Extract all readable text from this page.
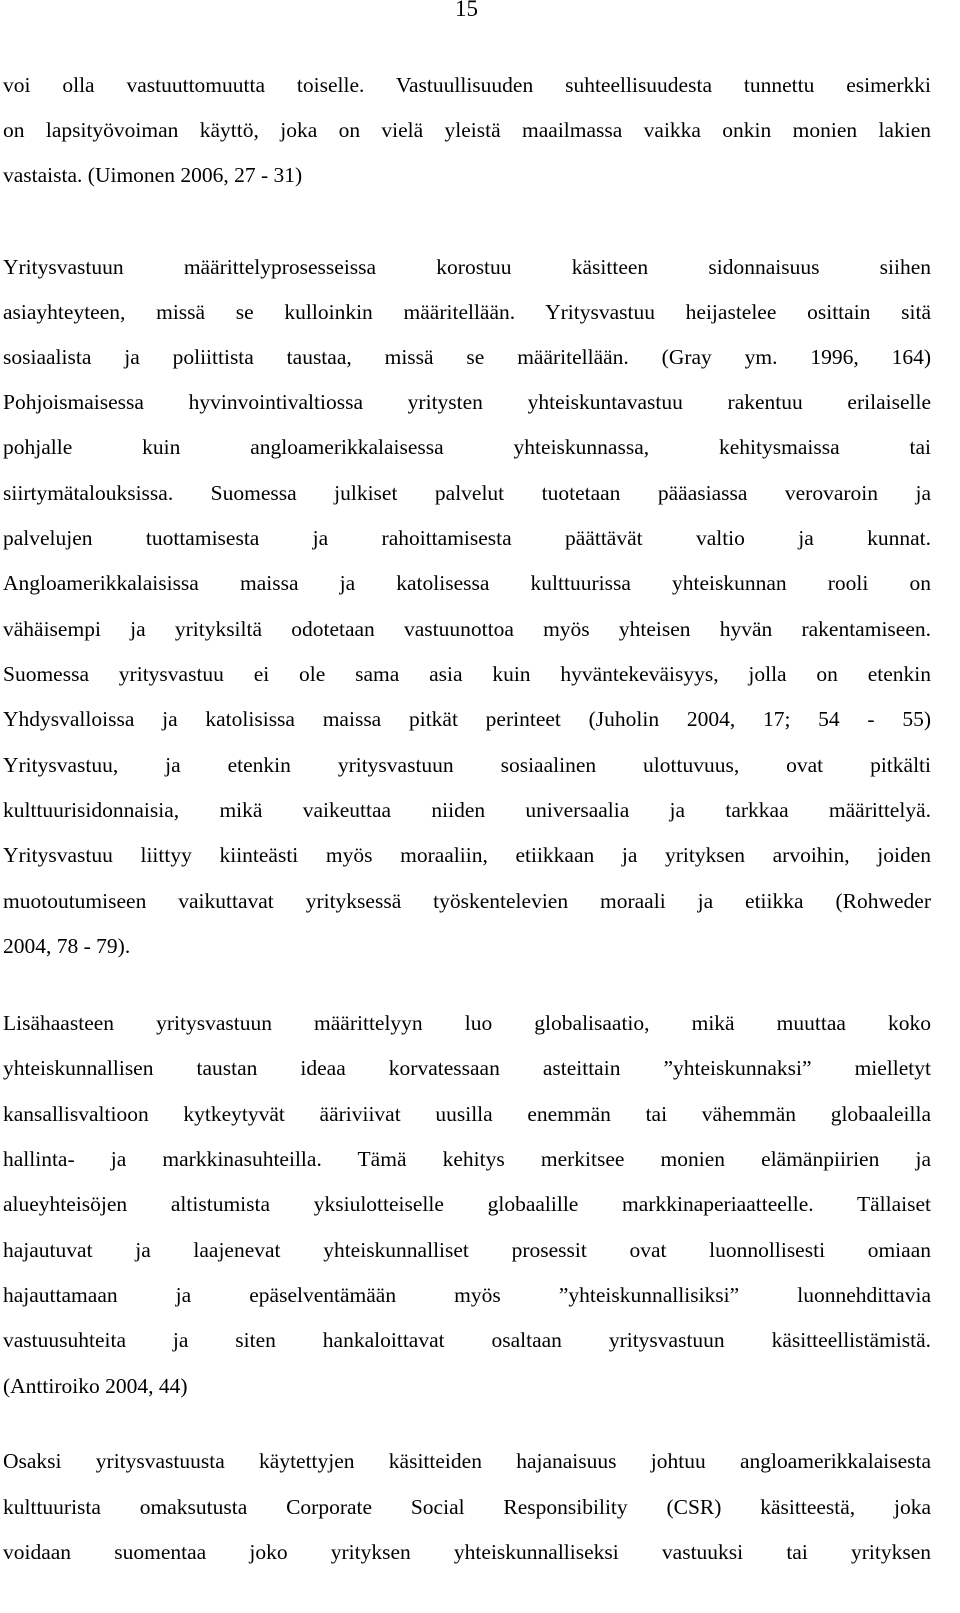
15
voi olla vastuuttomuutta toiselle. Vastuullisuuden suhteellisuudesta tunnettu esimerkki
on lapsityövoiman käyttö, joka on vielä yleistä maailmassa vaikka onkin monien lakien
vastaista. (Uimonen 2006, 27 - 31)
Yritysvastuun määrittelyprosesseissa korostuu käsitteen sidonnaisuus siihen
asiayhteyteen, missä se kulloinkin määritellään. Yritysvastuu heijastelee osittain sitä
sosiaalista ja poliittista taustaa, missä se määritellään. (Gray ym. 1996, 164)
Pohjoismaisessa hyvinvointivaltiossa yritysten yhteiskuntavastuu rakentuu erilaiselle
pohjalle kuin angloamerikkalaisessa yhteiskunnassa, kehitysmaissa tai
siirtymätalouksissa. Suomessa julkiset palvelut tuotetaan pääasiassa verovaroin ja
palvelujen tuottamisesta ja rahoittamisesta päättävät valtio ja kunnat.
Angloamerikkalaisissa maissa ja katolisessa kulttuurissa yhteiskunnan rooli on
vähäisempi ja yrityksiltä odotetaan vastuunottoa myös yhteisen hyvän rakentamiseen.
Suomessa yritysvastuu ei ole sama asia kuin hyväntekeväisyys, jolla on etenkin
Yhdysvalloissa ja katolisissa maissa pitkät perinteet (Juholin 2004, 17; 54 - 55)
Yritysvastuu, ja etenkin yritysvastuun sosiaalinen ulottuvuus, ovat pitkälti
kulttuurisidonnaisia, mikä vaikeuttaa niiden universaalia ja tarkkaa määrittelyä.
Yritysvastuu liittyy kiinteästi myös moraaliin, etiikkaan ja yrityksen arvoihin, joiden
muotoutumiseen vaikuttavat yrityksessä työskentelevien moraali ja etiikka (Rohweder
2004, 78 - 79).
Lisähaasteen yritysvastuun määrittelyyn luo globalisaatio, mikä muuttaa koko
yhteiskunnallisen taustan ideaa korvatessaan asteittain ”yhteiskunnaksi” mielletyt
kansallisvaltioon kytkeytyvät ääriviivat uusilla enemmän tai vähemmän globaaleilla
hallinta- ja markkinasuhteilla. Tämä kehitys merkitsee monien elämänpiirien ja
alueyhteisöjen altistumista yksiulotteiselle globaalille markkinaperiaatteelle. Tällaiset
hajautuvat ja laajenevat yhteiskunnalliset prosessit ovat luonnollisesti omiaan
hajauttamaan ja epäselventämään myös ”yhteiskunnallisiksi” luonnehdittavia
vastuusuhteita ja siten hankaloittavat osaltaan yritysvastuun käsitteellistämistä.
(Anttiroiko 2004, 44)
Osaksi yritysvastuusta käytettyjen käsitteiden hajanaisuus johtuu angloamerikkalaisesta
kulttuurista omaksutusta Corporate Social Responsibility (CSR) käsitteestä, joka
voidaan suomentaa joko yrityksen yhteiskunnalliseksi vastuuksi tai yrityksen
